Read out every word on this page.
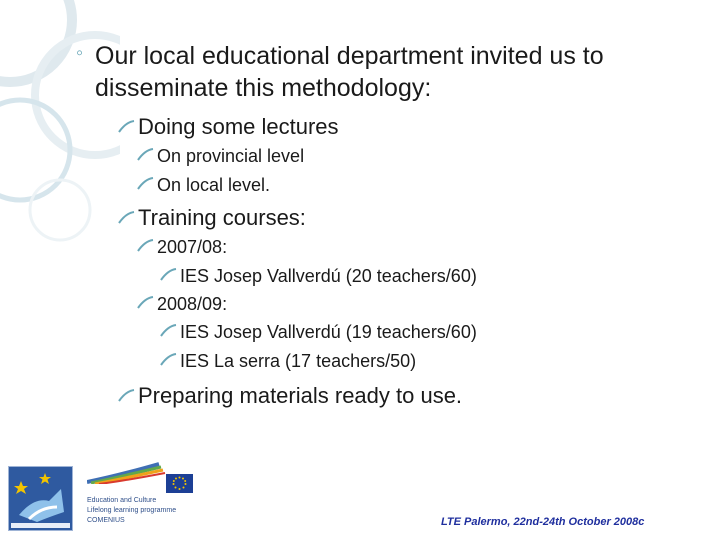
◦ Our local educational department invited us to
disseminate this methodology:
Doing some lectures
On provincial level
On local level.
Training courses:
2007/08:
IES Josep Vallverdú (20 teachers/60)
2008/09:
IES Josep Vallverdú (19 teachers/60)
IES La serra (17 teachers/50)
Preparing materials ready to use.
Education and Culture
Lifelong learning programme
COMENIUS	LTE Palermo, 22nd-24th October 2008c
